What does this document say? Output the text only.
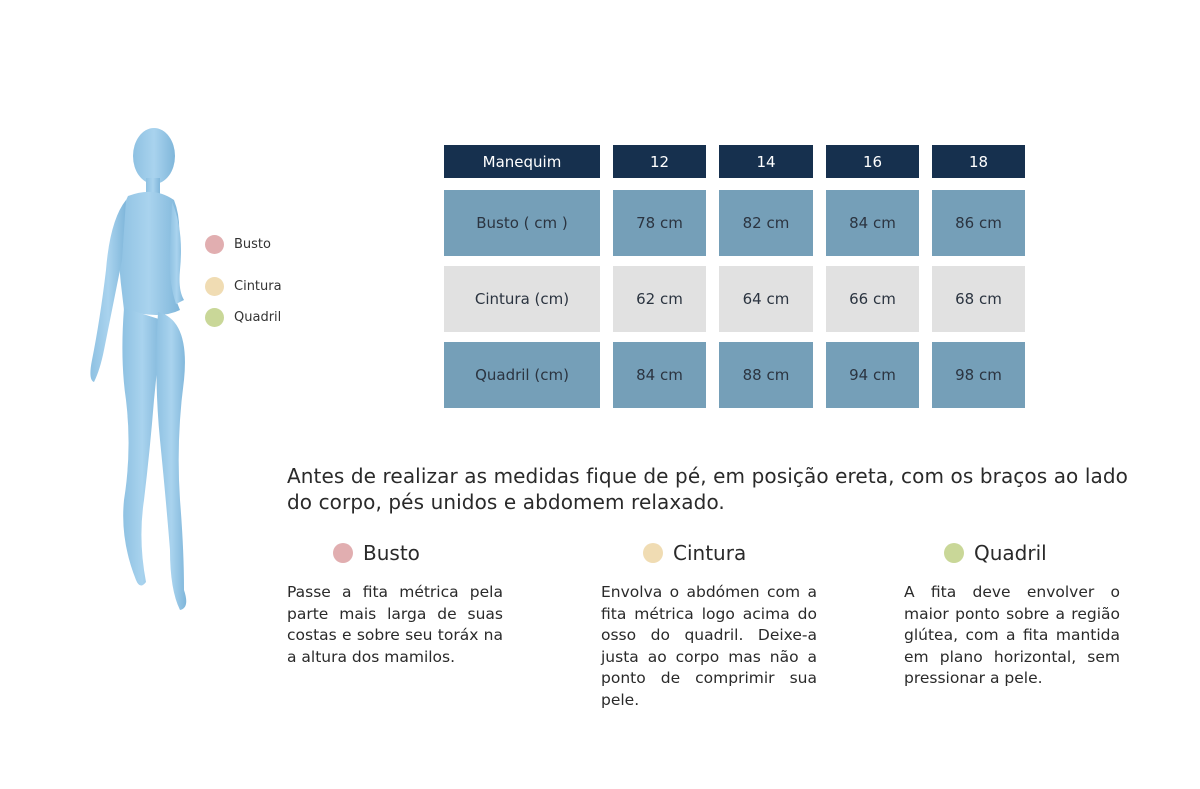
Busto
Cintura
Quadril
Manequim	12	14	16	18
Busto ( cm )	78 cm	82 cm	84 cm	86 cm
Cintura (cm)	62 cm	64 cm	66 cm	68 cm
Quadril (cm)	84 cm	88 cm	94 cm	98 cm
Antes de realizar as medidas fique de pé, em posição ereta, com os braços ao lado do corpo, pés unidos e abdomem relaxado.
Busto
Passe a fita métrica pela parte mais larga de suas costas e sobre seu toráx na a altura dos mamilos.
Cintura
Envolva o abdómen com a fita métrica logo acima do osso do quadril. Deixe-a justa ao corpo mas não a ponto de comprimir sua pele.
Quadril
A fita deve envolver o maior ponto sobre a região glútea, com a fita mantida em plano horizontal, sem pressionar a pele.
